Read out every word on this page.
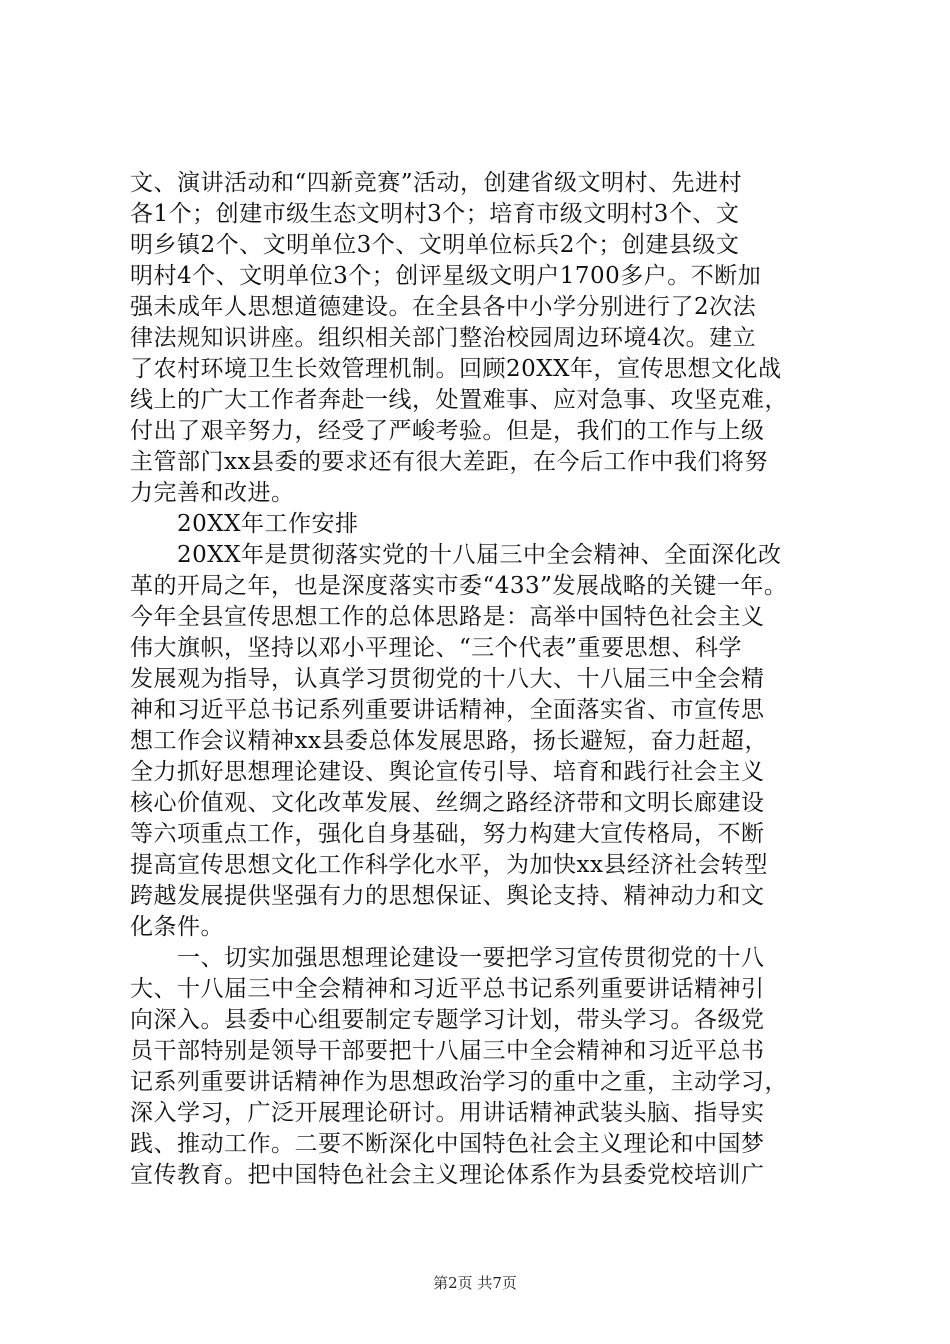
文、演讲活动和“四新竞赛”活动，创建省级文明村、先进村
各1个；创建市级生态文明村3个；培育市级文明村3个、文
明乡镇2个、文明单位3个、文明单位标兵2个；创建县级文
明村4个、文明单位3个；创评星级文明户1700多户。不断加
强未成年人思想道德建设。在全县各中小学分别进行了2次法
律法规知识讲座。组织相关部门整治校园周边环境4次。建立
了农村环境卫生长效管理机制。回顾20XX年，宣传思想文化战
线上的广大工作者奔赴一线，处置难事、应对急事、攻坚克难，
付出了艰辛努力，经受了严峻考验。但是，我们的工作与上级
主管部门xx县委的要求还有很大差距，在今后工作中我们将努
力完善和改进。
20XX年工作安排
20XX年是贯彻落实党的十八届三中全会精神、全面深化改
革的开局之年，也是深度落实市委“433”发展战略的关键一年。
今年全县宣传思想工作的总体思路是：高举中国特色社会主义
伟大旗帜，坚持以邓小平理论、“三个代表”重要思想、科学
发展观为指导，认真学习贯彻党的十八大、十八届三中全会精
神和习近平总书记系列重要讲话精神，全面落实省、市宣传思
想工作会议精神xx县委总体发展思路，扬长避短，奋力赶超，
全力抓好思想理论建设、舆论宣传引导、培育和践行社会主义
核心价值观、文化改革发展、丝绸之路经济带和文明长廊建设
等六项重点工作，强化自身基础，努力构建大宣传格局，不断
提高宣传思想文化工作科学化水平，为加快xx县经济社会转型
跨越发展提供坚强有力的思想保证、舆论支持、精神动力和文
化条件。
一、切实加强思想理论建设一要把学习宣传贯彻党的十八
大、十八届三中全会精神和习近平总书记系列重要讲话精神引
向深入。县委中心组要制定专题学习计划，带头学习。各级党
员干部特别是领导干部要把十八届三中全会精神和习近平总书
记系列重要讲话精神作为思想政治学习的重中之重，主动学习，
深入学习，广泛开展理论研讨。用讲话精神武装头脑、指导实
践、推动工作。二要不断深化中国特色社会主义理论和中国梦
宣传教育。把中国特色社会主义理论体系作为县委党校培训广
第2页 共7页
